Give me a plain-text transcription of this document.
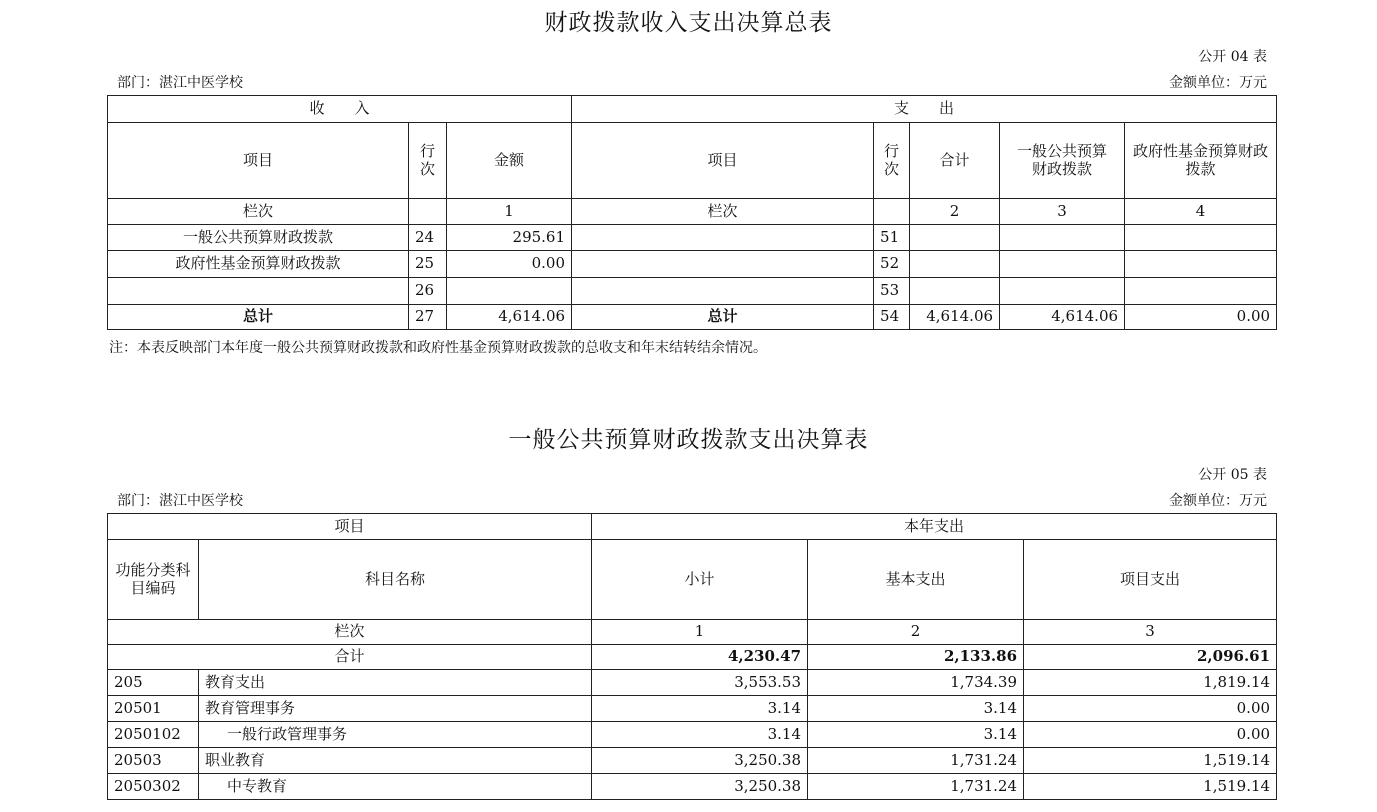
财政拨款收入支出决算总表
公开 04 表
部门：湛江中医学校	金额单位：万元
收　　入			支　　出				
项目	行次	金额	项目	行次	合计	一般公共预算财政拨款	政府性基金预算财政拨款
栏次		1	栏次		2	3	4
一般公共预算财政拨款	24	295.61		51			
政府性基金预算财政拨款	25	0.00		52			
	26			53			
总计	27	4,614.06	总计	54	4,614.06	4,614.06	0.00
注：本表反映部门本年度一般公共预算财政拨款和政府性基金预算财政拨款的总收支和年末结转结余情况。
一般公共预算财政拨款支出决算表
公开 05 表
部门：湛江中医学校	金额单位：万元
项目		本年支出		
功能分类科目编码	科目名称	小计	基本支出	项目支出
栏次		1	2	3
合计		4,230.47	2,133.86	2,096.61
205	教育支出	3,553.53	1,734.39	1,819.14
20501	教育管理事务	3.14	3.14	0.00
2050102	一般行政管理事务	3.14	3.14	0.00
20503	职业教育	3,250.38	1,731.24	1,519.14
2050302	中专教育	3,250.38	1,731.24	1,519.14
